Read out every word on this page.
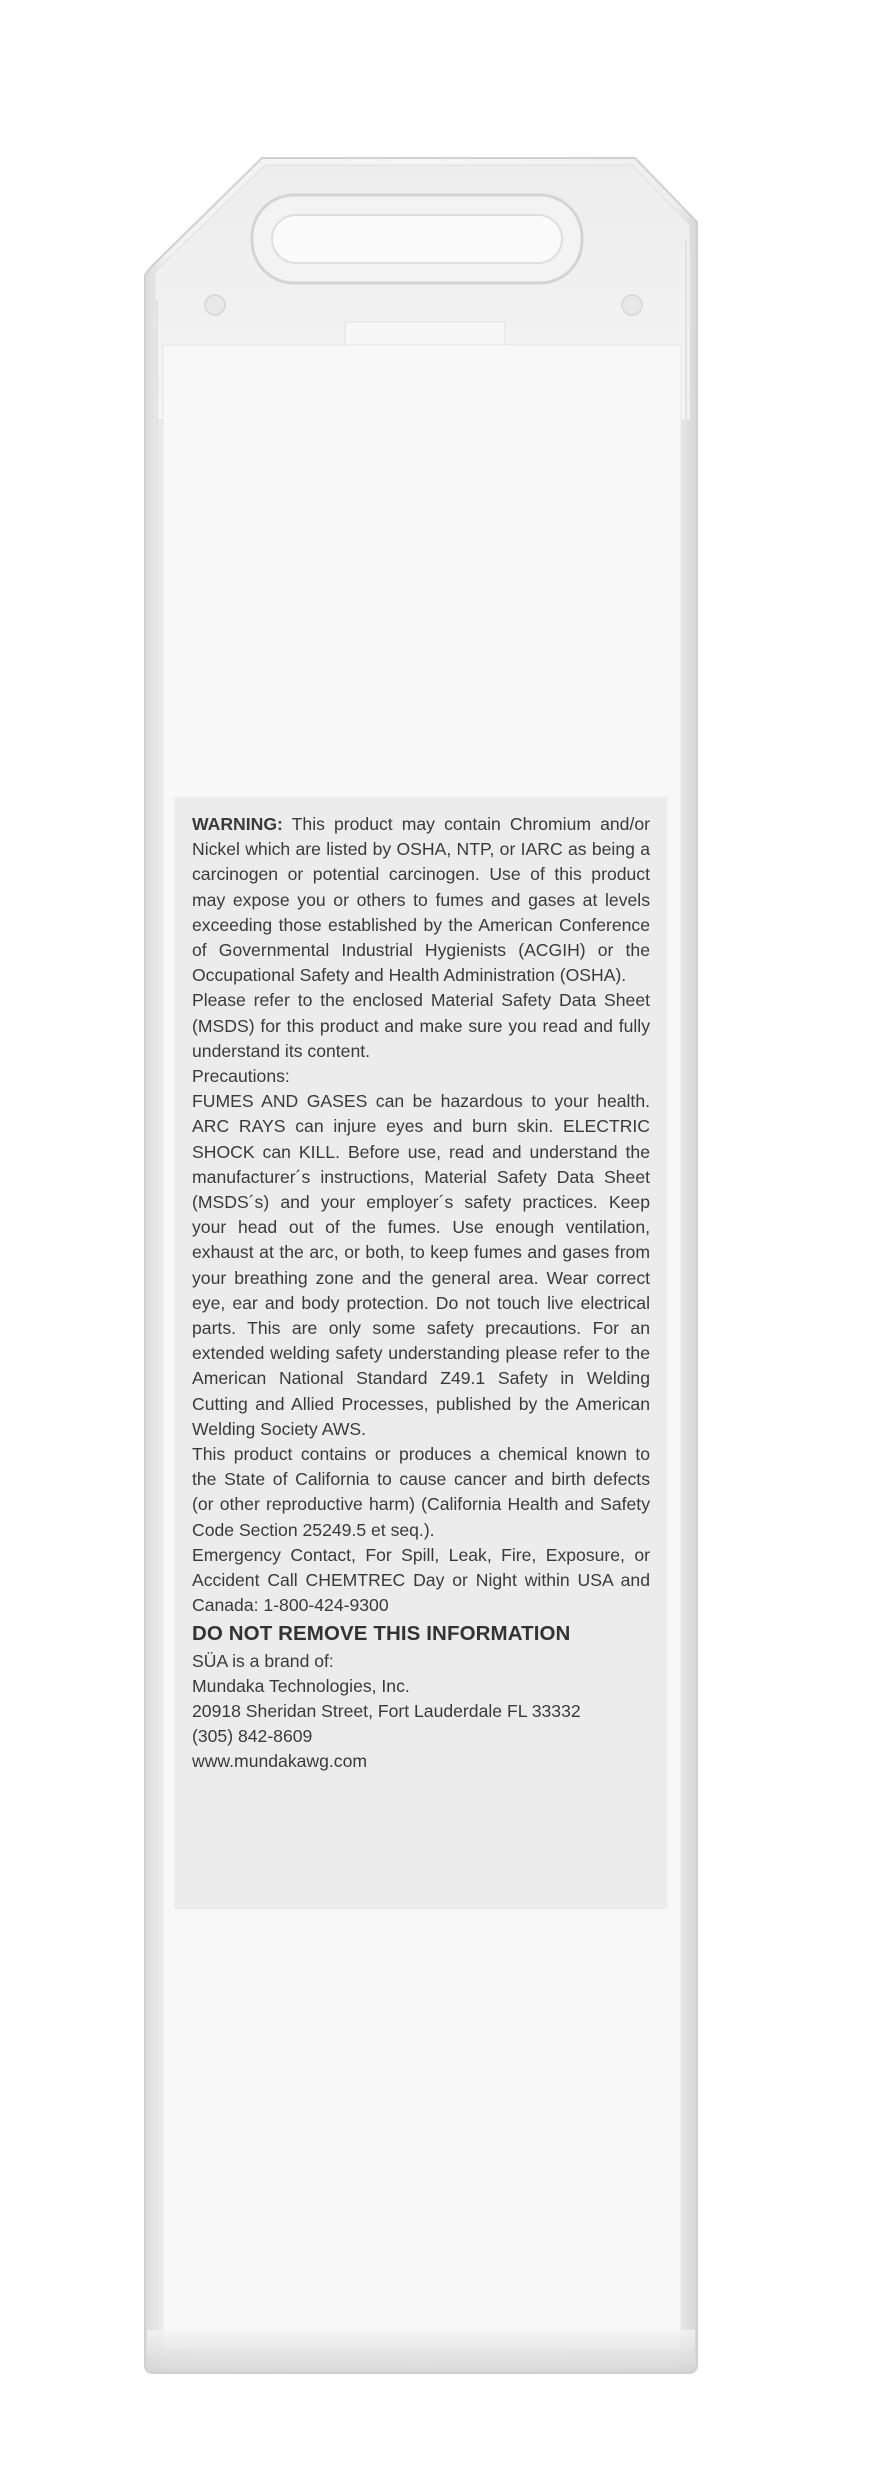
WARNING: This product may contain Chromium and/or Nickel which are listed by OSHA, NTP, or IARC as being a carcinogen or potential carcinogen. Use of this product may expose you or others to fumes and gases at levels exceeding those established by the American Conference of Governmental Industrial Hygienists (ACGIH) or the Occupational Safety and Health Administration (OSHA).

Please refer to the enclosed Material Safety Data Sheet (MSDS) for this product and make sure you read and fully understand its content.

Precautions:

FUMES AND GASES can be hazardous to your health. ARC RAYS can injure eyes and burn skin. ELECTRIC SHOCK can KILL. Before use, read and understand the manufacturer´s instructions, Material Safety Data Sheet (MSDS´s) and your employer´s safety practices. Keep your head out of the fumes. Use enough ventilation, exhaust at the arc, or both, to keep fumes and gases from your breathing zone and the general area. Wear correct eye, ear and body protection. Do not touch live electrical parts. This are only some safety precautions. For an extended welding safety understanding please refer to the American National Standard Z49.1 Safety in Welding Cutting and Allied Processes, published by the American Welding Society AWS.

This product contains or produces a chemical known to the State of California to cause cancer and birth defects (or other reproductive harm) (California Health and Safety Code Section 25249.5 et seq.).

Emergency Contact, For Spill, Leak, Fire, Exposure, or Accident Call CHEMTREC Day or Night within USA and Canada: 1-800-424-9300

DO NOT REMOVE THIS INFORMATION

SÜA is a brand of:

Mundaka Technologies, Inc.

20918 Sheridan Street, Fort Lauderdale FL 33332

(305) 842-8609

www.mundakawg.com
